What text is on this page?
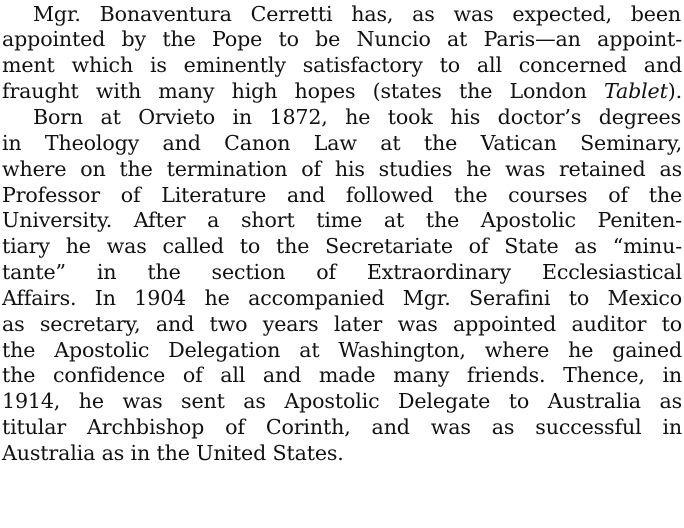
Mgr. Bonaventura Cerretti has, as was expected, been
appointed by the Pope to be Nuncio at Paris—an appoint-
ment which is eminently satisfactory to all concerned and
fraught with many high hopes (states the London Tablet).
Born at Orvieto in 1872, he took his doctor’s degrees
in Theology and Canon Law at the Vatican Seminary,
where on the termination of his studies he was retained as
Professor of Literature and followed the courses of the
University. After a short time at the Apostolic Peniten-
tiary he was called to the Secretariate of State as “minu-
tante” in the section of Extraordinary Ecclesiastical
Affairs. In 1904 he accompanied Mgr. Serafini to Mexico
as secretary, and two years later was appointed auditor to
the Apostolic Delegation at Washington, where he gained
the confidence of all and made many friends. Thence, in
1914, he was sent as Apostolic Delegate to Australia as
titular Archbishop of Corinth, and was as successful in
Australia as in the United States.
